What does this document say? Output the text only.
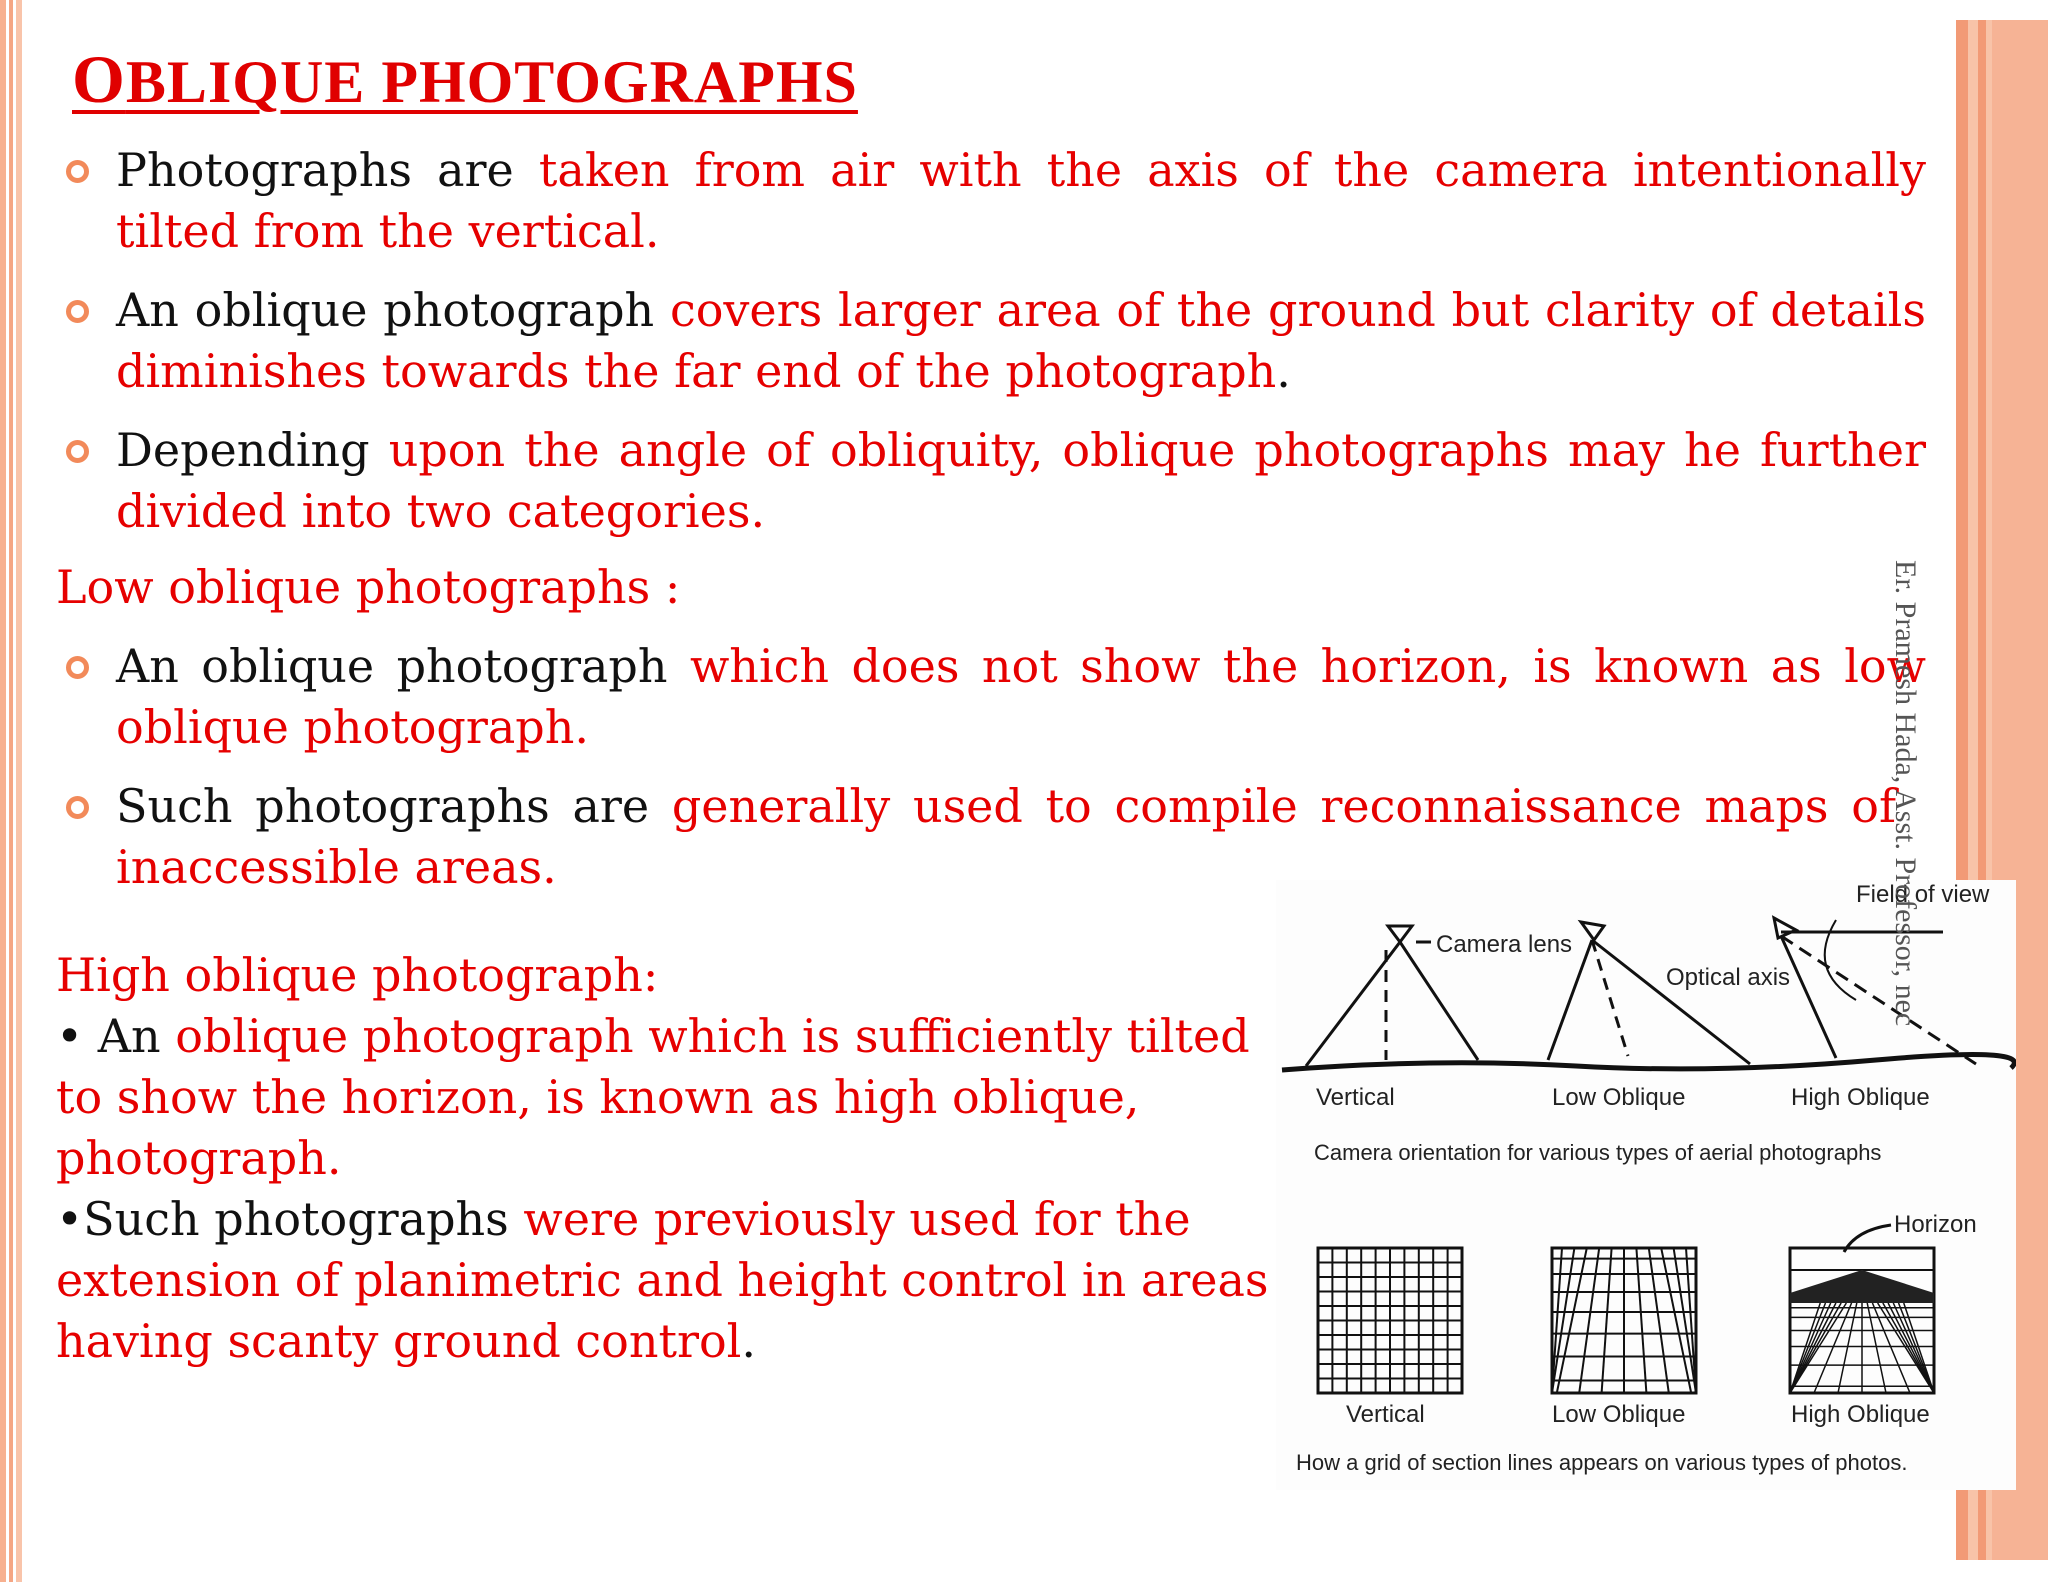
OBLIQUE PHOTOGRAPHS
Photographs are taken from air with the axis of the camera intentionally tilted from the vertical.
An oblique photograph covers larger area of the ground but clarity of details diminishes towards the far end of the photograph.
Depending upon the angle of obliquity, oblique photographs may he further divided into two categories.

Low oblique photographs :

An oblique photograph which does not show the horizon, is known as low oblique photograph.
Such photographs are generally used to compile reconnaissance maps of inaccessible areas.

High oblique photograph:

• An oblique photograph which is sufficiently tilted to show the horizon, is known as high oblique, photograph.

•Such photographs were previously used for the extension of planimetric and height control in areas having scanty ground control.

Camera lens
Optical axis
Field of view
Vertical	Low Oblique	High Oblique
Camera orientation for various types of aerial photographs
Horizon
Vertical	Low Oblique	High Oblique
How a grid of section lines appears on various types of photos.
Er. Pramesh Hada, Asst. Professor, nec
